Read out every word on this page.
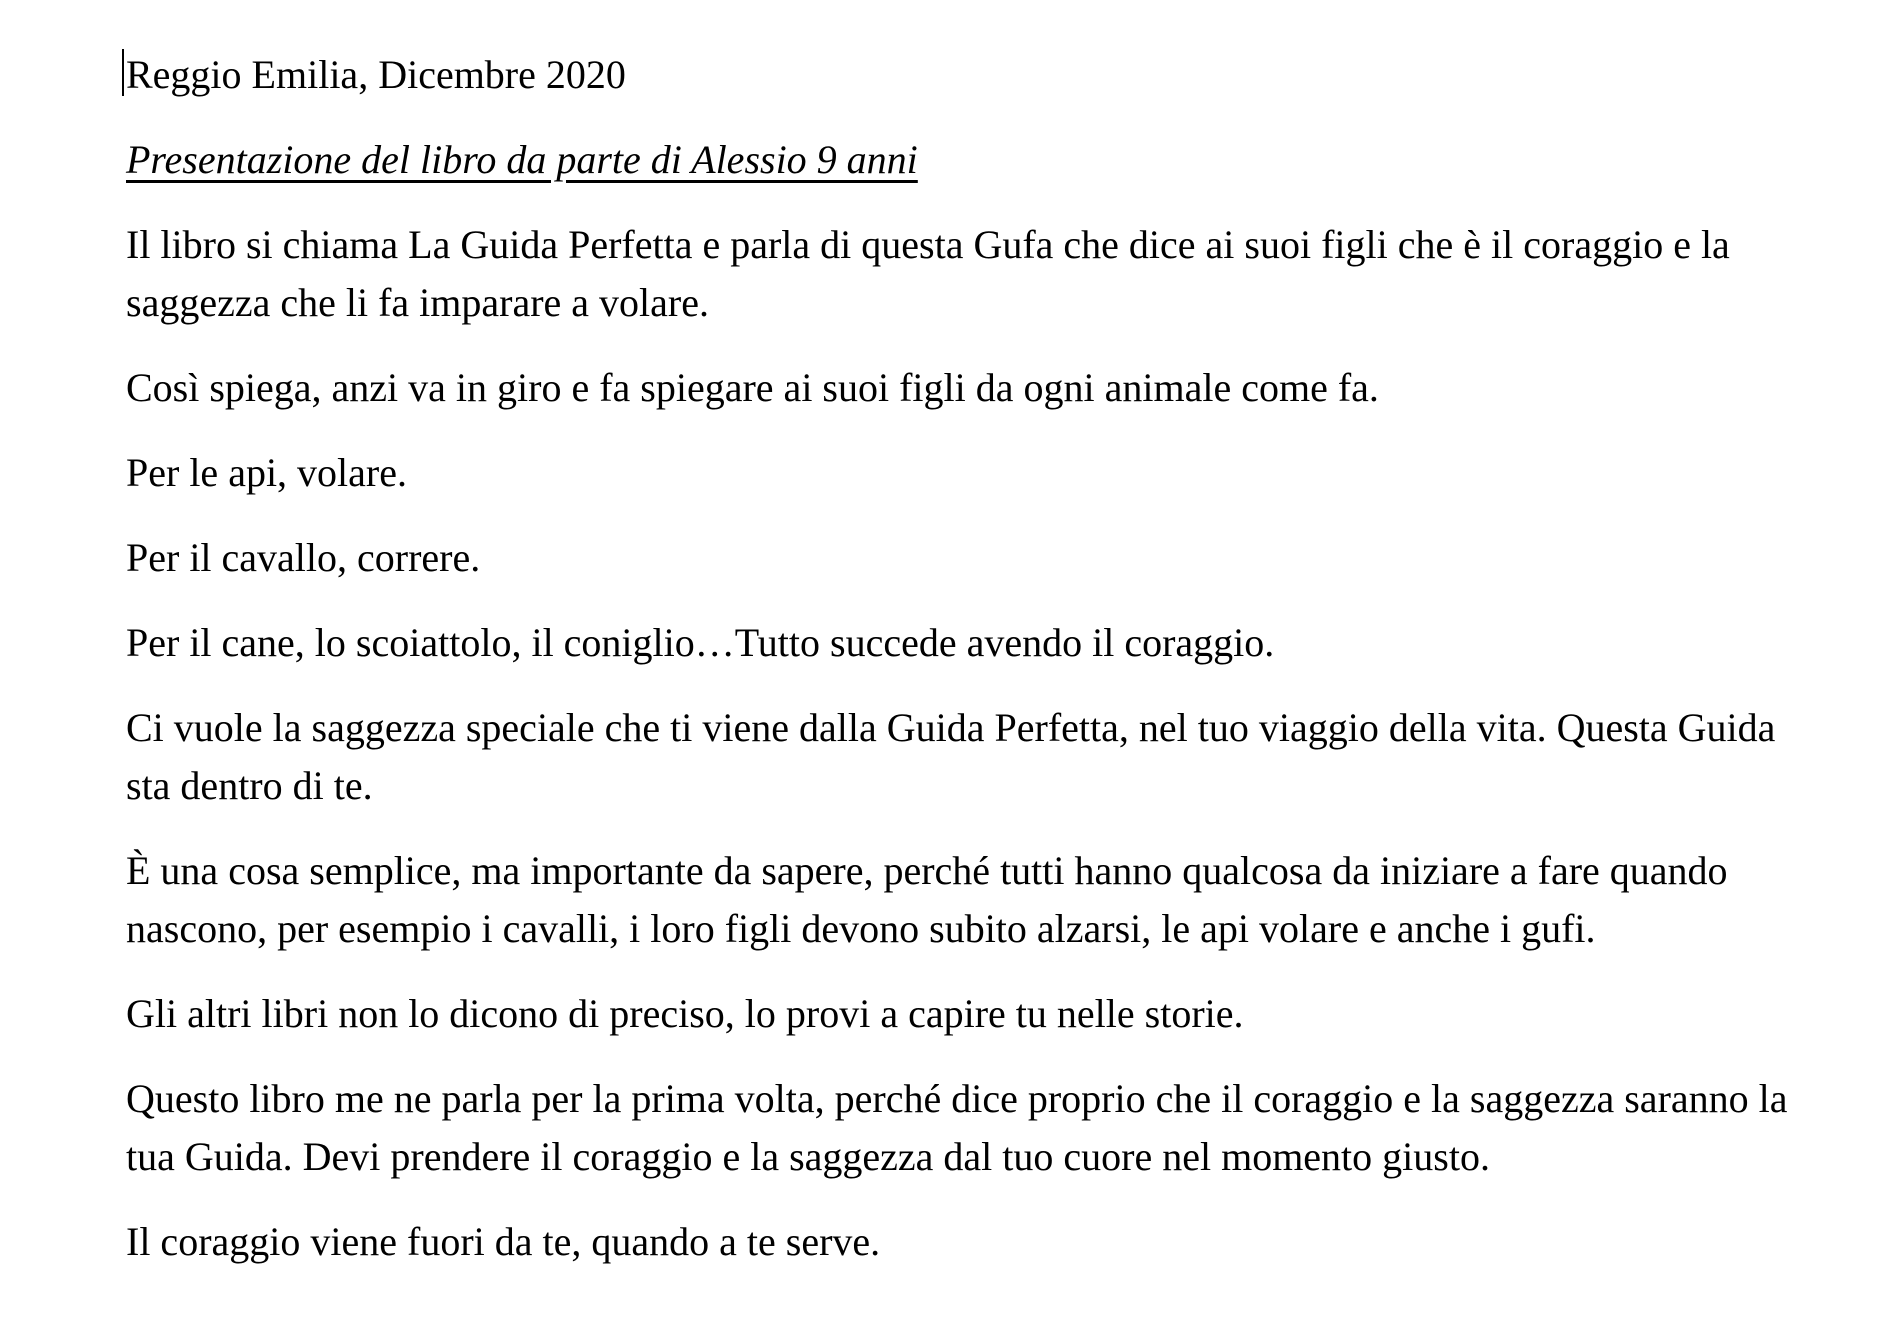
Reggio Emilia, Dicembre 2020

Presentazione del libro da parte di Alessio 9 anni

Il libro si chiama La Guida Perfetta e parla di questa Gufa che dice ai suoi figli che è il coraggio e la saggezza che li fa imparare a volare.

Così spiega, anzi va in giro e fa spiegare ai suoi figli da ogni animale come fa.

Per le api, volare.

Per il cavallo, correre.

Per il cane, lo scoiattolo, il coniglio…Tutto succede avendo il coraggio.

Ci vuole la saggezza speciale che ti viene dalla Guida Perfetta, nel tuo viaggio della vita. Questa Guida sta dentro di te.

È una cosa semplice, ma importante da sapere, perché tutti hanno qualcosa da iniziare a fare quando nascono, per esempio i cavalli, i loro figli devono subito alzarsi, le api volare e anche i gufi.

Gli altri libri non lo dicono di preciso, lo provi a capire tu nelle storie.

Questo libro me ne parla per la prima volta, perché dice proprio che il coraggio e la saggezza saranno la tua Guida. Devi prendere il coraggio e la saggezza dal tuo cuore nel momento giusto.

Il coraggio viene fuori da te, quando a te serve.
